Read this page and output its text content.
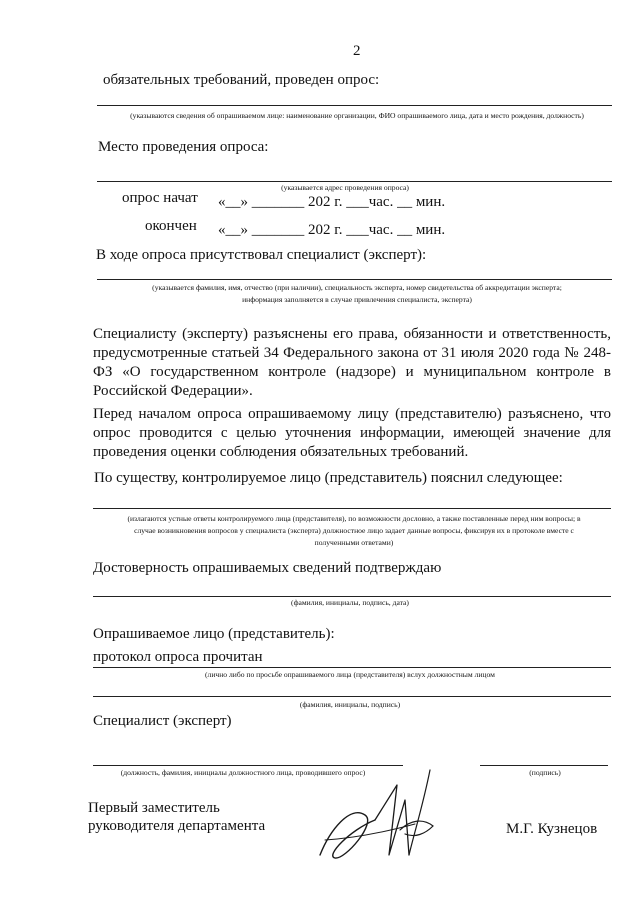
2
обязательных требований, проведен опрос:
(указываются сведения об опрашиваемом лице: наименование организации, ФИО опрашиваемого лица, дата и место рождения, должность)
Место проведения опроса:
(указывается адрес проведения опроса)
опрос начат «__» _______ 202 г. ___час. __ мин.
окончен «__» _______ 202 г. ___час. __ мин.
В ходе опроса присутствовал специалист (эксперт):
(указывается фамилия, имя, отчество (при наличии), специальность эксперта, номер свидетельства об аккредитации эксперта;
информация заполняется в случае привлечения специалиста, эксперта)
Специалисту (эксперту) разъяснены его права, обязанности и ответственность, предусмотренные статьей 34 Федерального закона от 31 июля 2020 года № 248-ФЗ «О государственном контроле (надзоре) и муниципальном контроле в Российской Федерации».
Перед началом опроса опрашиваемому лицу (представителю) разъяснено, что опрос проводится с целью уточнения информации, имеющей значение для проведения оценки соблюдения обязательных требований.
По существу, контролируемое лицо (представитель) пояснил следующее:
(излагаются устные ответы контролируемого лица (представителя), по возможности дословно, а также поставленные перед ним вопросы; в
случае возникновения вопросов у специалиста (эксперта) должностное лицо задает данные вопросы, фиксируя их в протоколе вместе с
полученными ответами)
Достоверность опрашиваемых сведений подтверждаю
(фамилия, инициалы, подпись, дата)
Опрашиваемое лицо (представитель):
протокол опроса прочитан
(лично либо по просьбе опрашиваемого лица (представителя) вслух должностным лицом
(фамилия, инициалы, подпись)
Специалист (эксперт)
(должность, фамилия, инициалы должностного лица, проводившего опрос)	(подпись)
Первый заместитель
руководителя департамента	М.Г. Кузнецов
